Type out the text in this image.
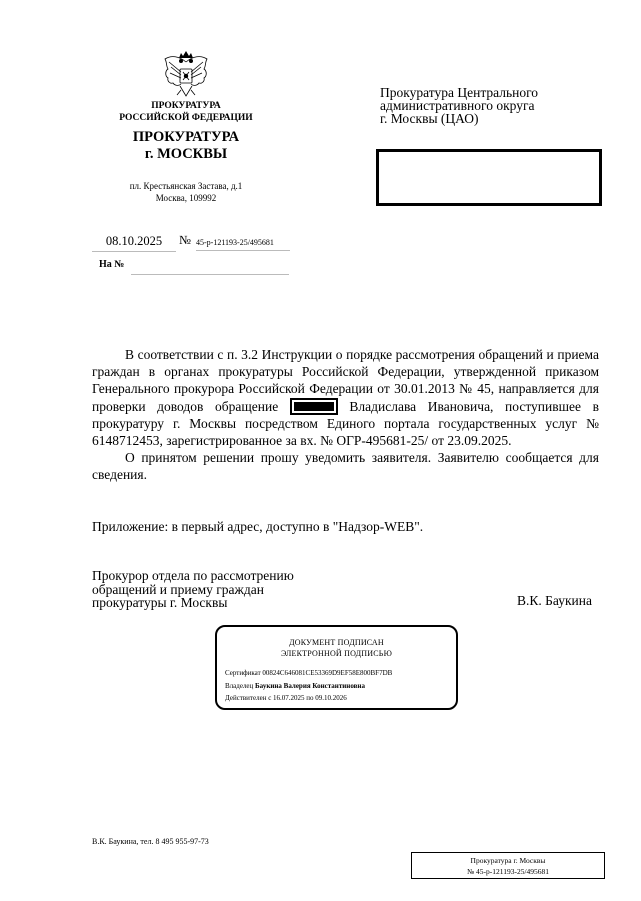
ПРОКУРАТУРА
РОССИЙСКОЙ ФЕДЕРАЦИИ
ПРОКУРАТУРА
г. МОСКВЫ
пл. Крестьянская Застава, д.1
Москва, 109992
Прокуратура Центрального
административного округа
г. Москвы (ЦАО)
08.10.2025	№ 45-р-121193-25/495681
На №

В соответствии с п. 3.2 Инструкции о порядке рассмотрения обращений и приема граждан в органах прокуратуры Российской Федерации, утвержденной приказом Генерального прокурора Российской Федерации от 30.01.2013 № 45, направляется для проверки доводов обращение	Владислава Ивановича, поступившее в прокуратуру г. Москвы посредством Единого портала государственных услуг № 6148712453, зарегистрированное за вх. № ОГР-495681-25/ от 23.09.2025.

О принятом решении прошу уведомить заявителя. Заявителю сообщается для сведения.

Приложение: в первый адрес, доступно в "Надзор-WEB".
Прокурор отдела по рассмотрению
обращений и приему граждан
прокуратуры г. Москвы	В.К. Баукина
ДОКУМЕНТ ПОДПИСАН
ЭЛЕКТРОННОЙ ПОДПИСЬЮ
Сертификат 00824C646081CE53369D9EF58E800BF7DB
Владелец Баукина Валерия Константиновна
Действителен с 16.07.2025 по 09.10.2026
В.К. Баукина, тел. 8 495 955-97-73
Прокуратура г. Москвы
№ 45-р-121193-25/495681
